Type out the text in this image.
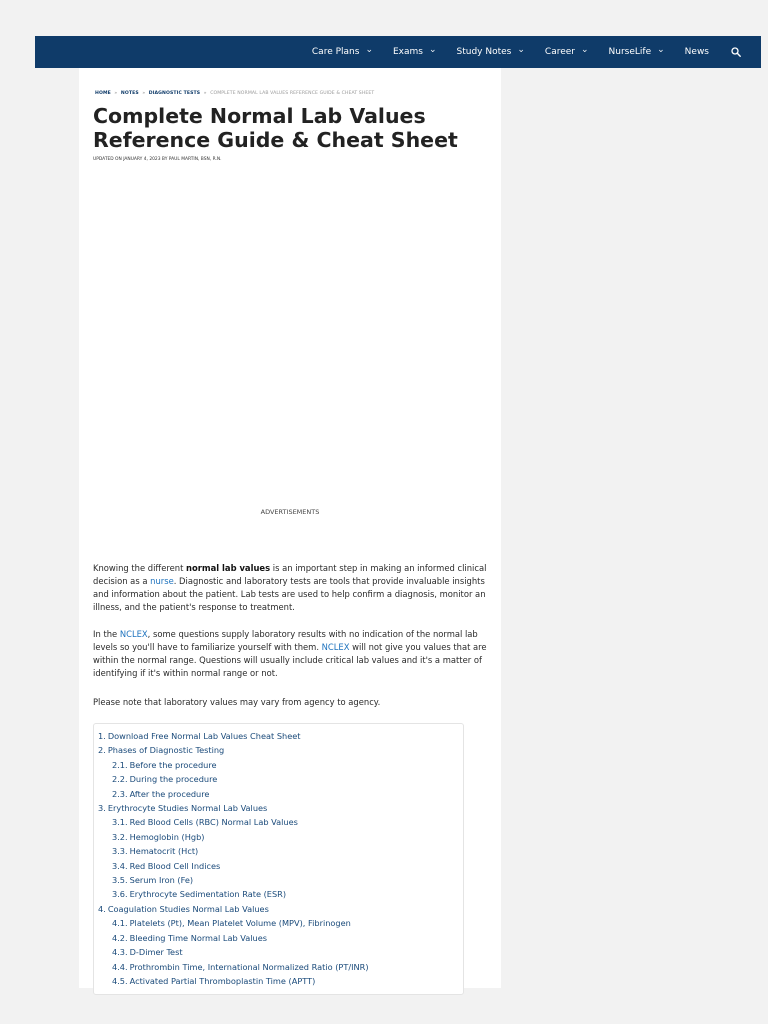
Care Plans ⌄ Exams ⌄ Study Notes ⌄ Career ⌄ NurseLife ⌄ News
HOME » NOTES » DIAGNOSTIC TESTS » COMPLETE NORMAL LAB VALUES REFERENCE GUIDE & CHEAT SHEET
Complete Normal Lab Values Reference Guide & Cheat Sheet
UPDATED ON JANUARY 4, 2023 BY PAUL MARTIN, BSN, R.N.
ADVERTISEMENTS

Knowing the different normal lab values is an important step in making an informed clinical decision as a nurse. Diagnostic and laboratory tests are tools that provide invaluable insights and information about the patient. Lab tests are used to help confirm a diagnosis, monitor an illness, and the patient's response to treatment.

In the NCLEX, some questions supply laboratory results with no indication of the normal lab levels so you'll have to familiarize yourself with them. NCLEX will not give you values that are within the normal range. Questions will usually include critical lab values and it's a matter of identifying if it's within normal range or not.

Please note that laboratory values may vary from agency to agency.

1. Download Free Normal Lab Values Cheat Sheet
2. Phases of Diagnostic Testing
2.1. Before the procedure
2.2. During the procedure
2.3. After the procedure
3. Erythrocyte Studies Normal Lab Values
3.1. Red Blood Cells (RBC) Normal Lab Values
3.2. Hemoglobin (Hgb)
3.3. Hematocrit (Hct)
3.4. Red Blood Cell Indices
3.5. Serum Iron (Fe)
3.6. Erythrocyte Sedimentation Rate (ESR)
4. Coagulation Studies Normal Lab Values
4.1. Platelets (Pt), Mean Platelet Volume (MPV), Fibrinogen
4.2. Bleeding Time Normal Lab Values
4.3. D-Dimer Test
4.4. Prothrombin Time, International Normalized Ratio (PT/INR)
4.5. Activated Partial Thromboplastin Time (APTT)
